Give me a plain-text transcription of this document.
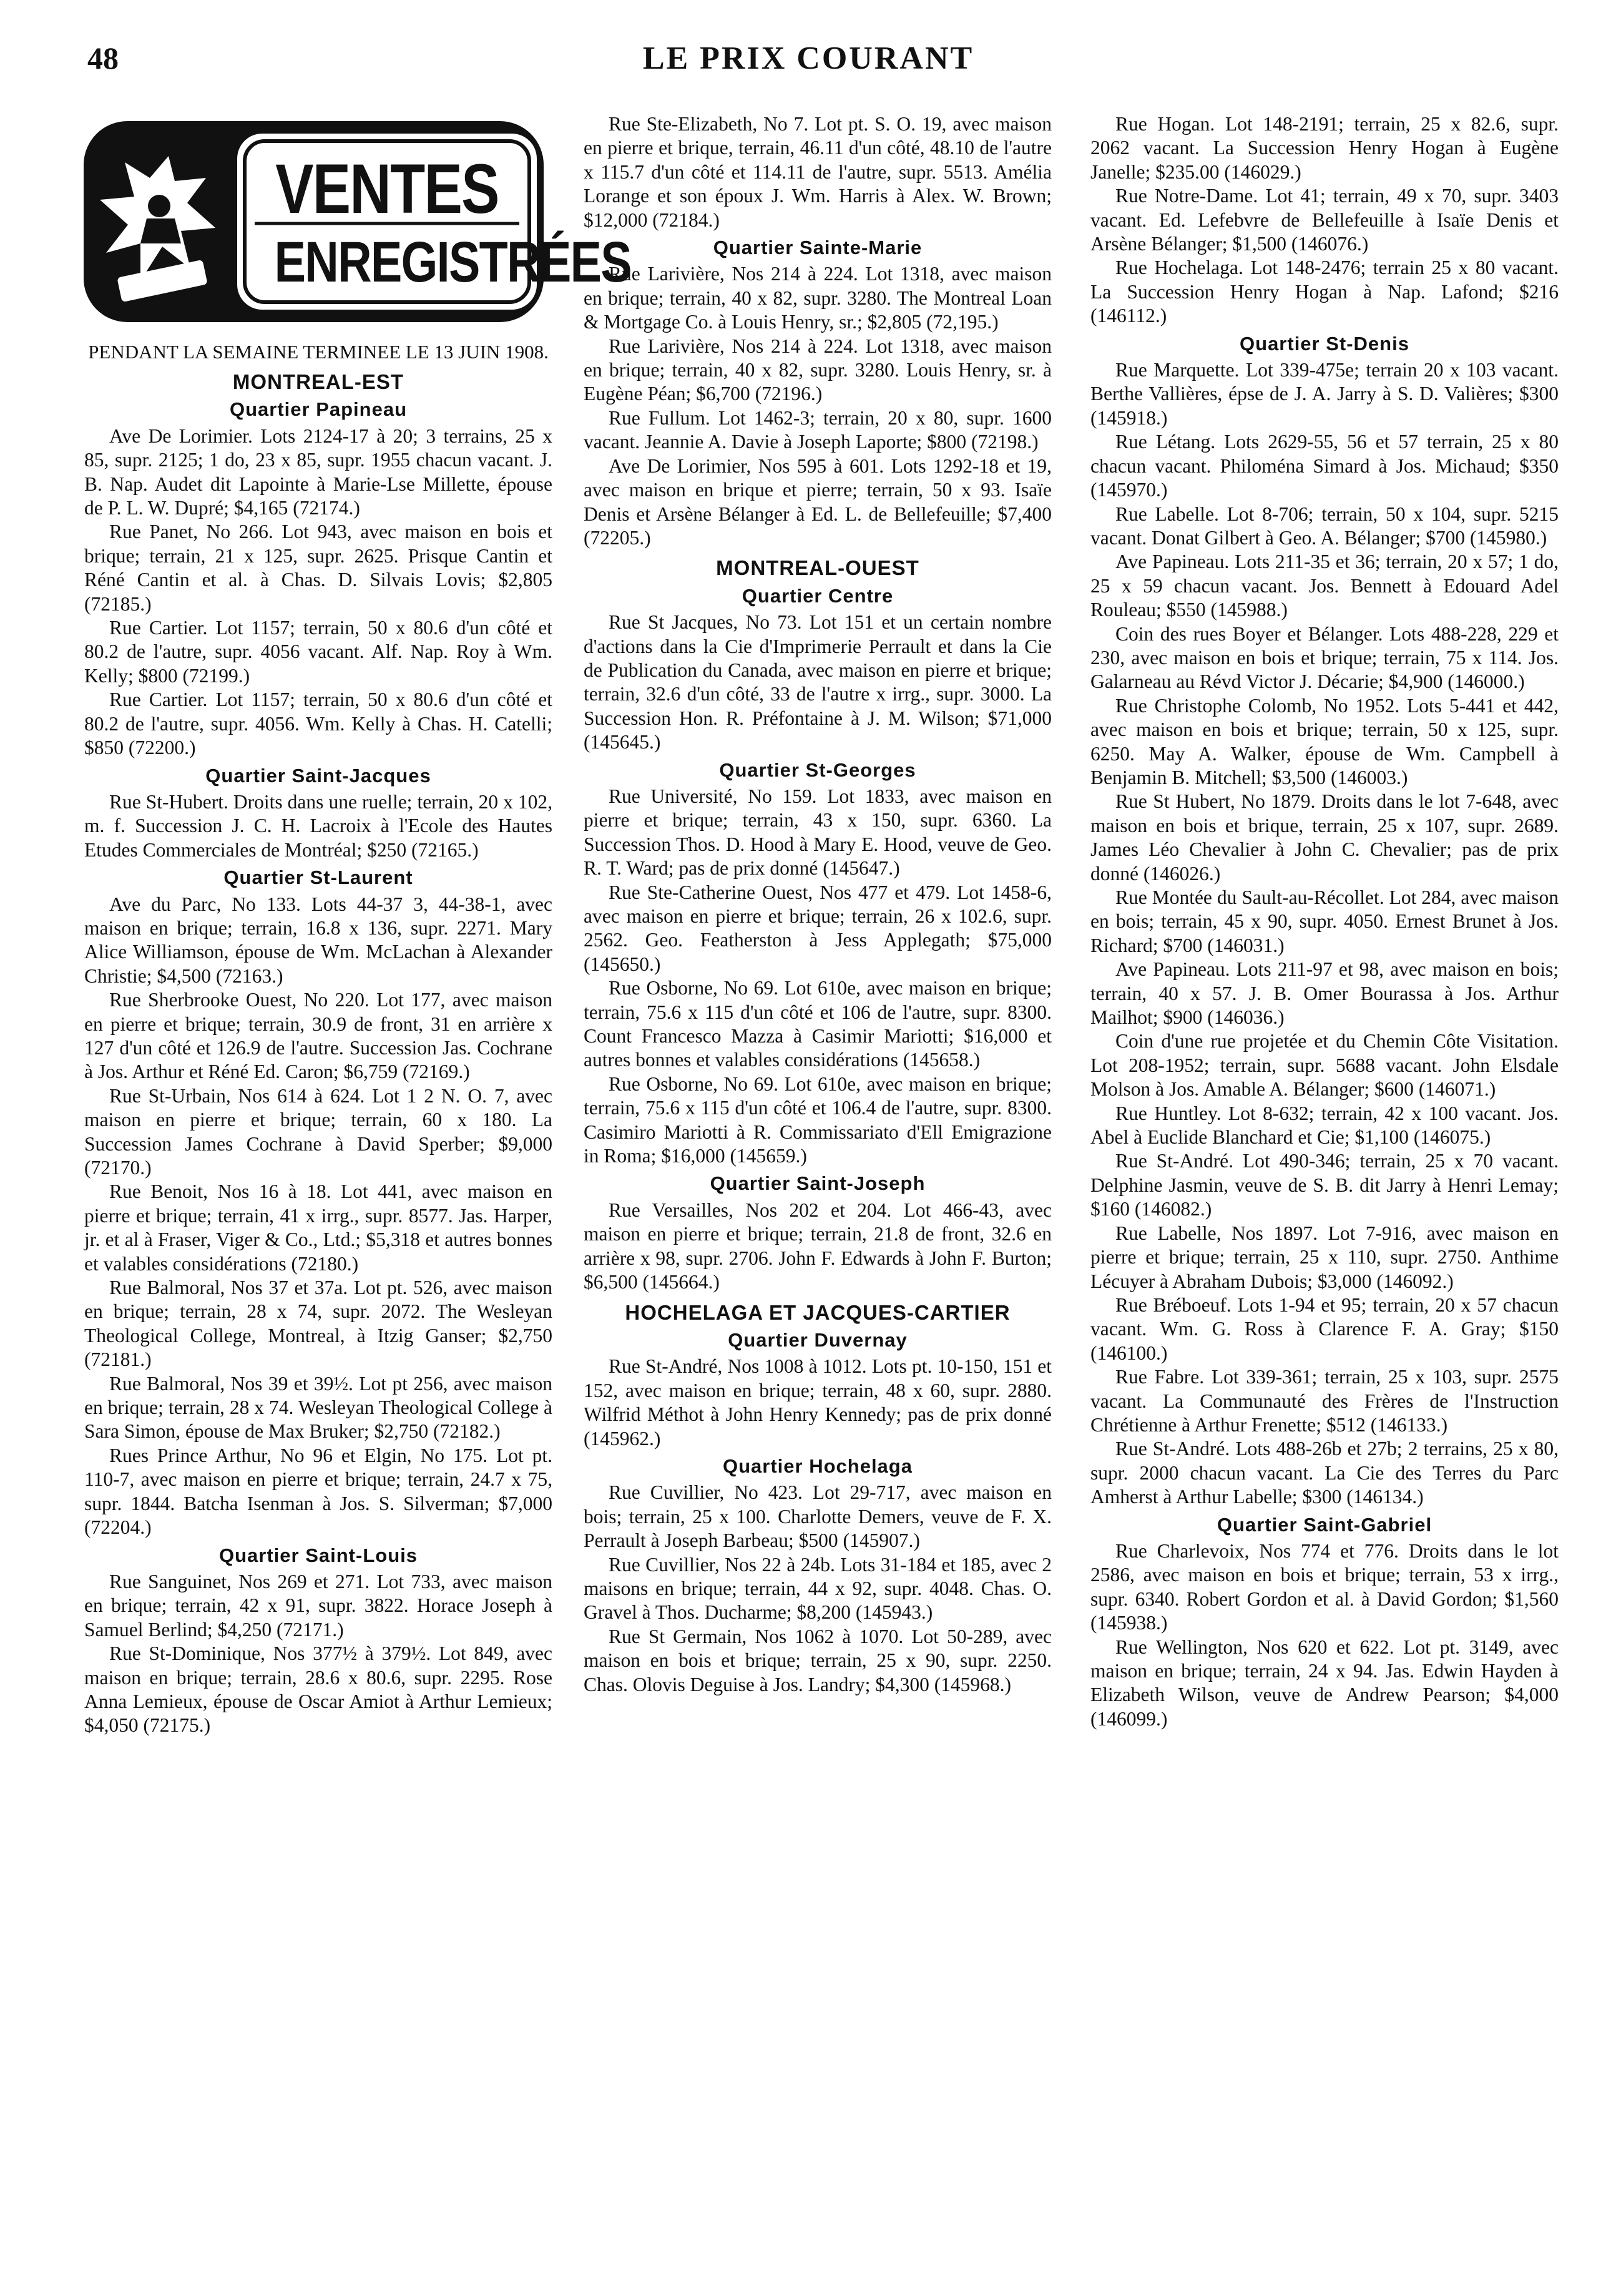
48	LE PRIX COURANT
VENTES
ENREGISTRÉES

PENDANT LA SEMAINE TERMINEE LE 13 JUIN 1908.

MONTREAL-EST

Quartier Papineau

Ave De Lorimier. Lots 2124-17 à 20; 3 terrains, 25 x 85, supr. 2125; 1 do, 23 x 85, supr. 1955 chacun vacant. J. B. Nap. Audet dit Lapointe à Marie-Lse Millette, épouse de P. L. W. Dupré; $4,165 (72174.)

Rue Panet, No 266. Lot 943, avec maison en bois et brique; terrain, 21 x 125, supr. 2625. Prisque Cantin et Réné Cantin et al. à Chas. D. Silvais Lovis; $2,805 (72185.)

Rue Cartier. Lot 1157; terrain, 50 x 80.6 d'un côté et 80.2 de l'autre, supr. 4056 vacant. Alf. Nap. Roy à Wm. Kelly; $800 (72199.)

Rue Cartier. Lot 1157; terrain, 50 x 80.6 d'un côté et 80.2 de l'autre, supr. 4056. Wm. Kelly à Chas. H. Catelli; $850 (72200.)

Quartier Saint-Jacques

Rue St-Hubert. Droits dans une ruelle; terrain, 20 x 102, m. f. Succession J. C. H. Lacroix à l'Ecole des Hautes Etudes Commerciales de Montréal; $250 (72165.)

Quartier St-Laurent

Ave du Parc, No 133. Lots 44-37 3, 44-38-1, avec maison en brique; terrain, 16.8 x 136, supr. 2271. Mary Alice Williamson, épouse de Wm. McLachan à Alexander Christie; $4,500 (72163.)

Rue Sherbrooke Ouest, No 220. Lot 177, avec maison en pierre et brique; terrain, 30.9 de front, 31 en arrière x 127 d'un côté et 126.9 de l'autre. Succession Jas. Cochrane à Jos. Arthur et Réné Ed. Caron; $6,759 (72169.)

Rue St-Urbain, Nos 614 à 624. Lot 1 2 N. O. 7, avec maison en pierre et brique; terrain, 60 x 180. La Succession James Cochrane à David Sperber; $9,000 (72170.)

Rue Benoit, Nos 16 à 18. Lot 441, avec maison en pierre et brique; terrain, 41 x irrg., supr. 8577. Jas. Harper, jr. et al à Fraser, Viger & Co., Ltd.; $5,318 et autres bonnes et valables considérations (72180.)

Rue Balmoral, Nos 37 et 37a. Lot pt. 526, avec maison en brique; terrain, 28 x 74, supr. 2072. The Wesleyan Theological College, Montreal, à Itzig Ganser; $2,750 (72181.)

Rue Balmoral, Nos 39 et 39½. Lot pt 256, avec maison en brique; terrain, 28 x 74. Wesleyan Theological College à Sara Simon, épouse de Max Bruker; $2,750 (72182.)

Rues Prince Arthur, No 96 et Elgin, No 175. Lot pt. 110-7, avec maison en pierre et brique; terrain, 24.7 x 75, supr. 1844. Batcha Isenman à Jos. S. Silverman; $7,000 (72204.)

Quartier Saint-Louis

Rue Sanguinet, Nos 269 et 271. Lot 733, avec maison en brique; terrain, 42 x 91, supr. 3822. Horace Joseph à Samuel Berlind; $4,250 (72171.)

Rue St-Dominique, Nos 377½ à 379½. Lot 849, avec maison en brique; terrain, 28.6 x 80.6, supr. 2295. Rose Anna Lemieux, épouse de Oscar Amiot à Arthur Lemieux; $4,050 (72175.)

Rue Ste-Elizabeth, No 7. Lot pt. S. O. 19, avec maison en pierre et brique, terrain, 46.11 d'un côté, 48.10 de l'autre x 115.7 d'un côté et 114.11 de l'autre, supr. 5513. Amélia Lorange et son époux J. Wm. Harris à Alex. W. Brown; $12,000 (72184.)

Quartier Sainte-Marie

Rue Larivière, Nos 214 à 224. Lot 1318, avec maison en brique; terrain, 40 x 82, supr. 3280. The Montreal Loan & Mortgage Co. à Louis Henry, sr.; $2,805 (72,195.)

Rue Larivière, Nos 214 à 224. Lot 1318, avec maison en brique; terrain, 40 x 82, supr. 3280. Louis Henry, sr. à Eugène Péan; $6,700 (72196.)

Rue Fullum. Lot 1462-3; terrain, 20 x 80, supr. 1600 vacant. Jeannie A. Davie à Joseph Laporte; $800 (72198.)

Ave De Lorimier, Nos 595 à 601. Lots 1292-18 et 19, avec maison en brique et pierre; terrain, 50 x 93. Isaïe Denis et Arsène Bélanger à Ed. L. de Bellefeuille; $7,400 (72205.)

MONTREAL-OUEST

Quartier Centre

Rue St Jacques, No 73. Lot 151 et un certain nombre d'actions dans la Cie d'Imprimerie Perrault et dans la Cie de Publication du Canada, avec maison en pierre et brique; terrain, 32.6 d'un côté, 33 de l'autre x irrg., supr. 3000. La Succession Hon. R. Préfontaine à J. M. Wilson; $71,000 (145645.)

Quartier St-Georges

Rue Université, No 159. Lot 1833, avec maison en pierre et brique; terrain, 43 x 150, supr. 6360. La Succession Thos. D. Hood à Mary E. Hood, veuve de Geo. R. T. Ward; pas de prix donné (145647.)

Rue Ste-Catherine Ouest, Nos 477 et 479. Lot 1458-6, avec maison en pierre et brique; terrain, 26 x 102.6, supr. 2562. Geo. Featherston à Jess Applegath; $75,000 (145650.)

Rue Osborne, No 69. Lot 610e, avec maison en brique; terrain, 75.6 x 115 d'un côté et 106 de l'autre, supr. 8300. Count Francesco Mazza à Casimir Mariotti; $16,000 et autres bonnes et valables considérations (145658.)

Rue Osborne, No 69. Lot 610e, avec maison en brique; terrain, 75.6 x 115 d'un côté et 106.4 de l'autre, supr. 8300. Casimiro Mariotti à R. Commissariato d'Ell Emigrazione in Roma; $16,000 (145659.)

Quartier Saint-Joseph

Rue Versailles, Nos 202 et 204. Lot 466-43, avec maison en pierre et brique; terrain, 21.8 de front, 32.6 en arrière x 98, supr. 2706. John F. Edwards à John F. Burton; $6,500 (145664.)

HOCHELAGA ET JACQUES-CARTIER

Quartier Duvernay

Rue St-André, Nos 1008 à 1012. Lots pt. 10-150, 151 et 152, avec maison en brique; terrain, 48 x 60, supr. 2880. Wilfrid Méthot à John Henry Kennedy; pas de prix donné (145962.)

Quartier Hochelaga

Rue Cuvillier, No 423. Lot 29-717, avec maison en bois; terrain, 25 x 100. Charlotte Demers, veuve de F. X. Perrault à Joseph Barbeau; $500 (145907.)

Rue Cuvillier, Nos 22 à 24b. Lots 31-184 et 185, avec 2 maisons en brique; terrain, 44 x 92, supr. 4048. Chas. O. Gravel à Thos. Ducharme; $8,200 (145943.)

Rue St Germain, Nos 1062 à 1070. Lot 50-289, avec maison en bois et brique; terrain, 25 x 90, supr. 2250. Chas. Olovis Deguise à Jos. Landry; $4,300 (145968.)

Rue Hogan. Lot 148-2191; terrain, 25 x 82.6, supr. 2062 vacant. La Succession Henry Hogan à Eugène Janelle; $235.00 (146029.)

Rue Notre-Dame. Lot 41; terrain, 49 x 70, supr. 3403 vacant. Ed. Lefebvre de Bellefeuille à Isaïe Denis et Arsène Bélanger; $1,500 (146076.)

Rue Hochelaga. Lot 148-2476; terrain 25 x 80 vacant. La Succession Henry Hogan à Nap. Lafond; $216 (146112.)

Quartier St-Denis

Rue Marquette. Lot 339-475e; terrain 20 x 103 vacant. Berthe Vallières, épse de J. A. Jarry à S. D. Valières; $300 (145918.)

Rue Létang. Lots 2629-55, 56 et 57 terrain, 25 x 80 chacun vacant. Philoména Simard à Jos. Michaud; $350 (145970.)

Rue Labelle. Lot 8-706; terrain, 50 x 104, supr. 5215 vacant. Donat Gilbert à Geo. A. Bélanger; $700 (145980.)

Ave Papineau. Lots 211-35 et 36; terrain, 20 x 57; 1 do, 25 x 59 chacun vacant. Jos. Bennett à Edouard Adel Rouleau; $550 (145988.)

Coin des rues Boyer et Bélanger. Lots 488-228, 229 et 230, avec maison en bois et brique; terrain, 75 x 114. Jos. Galarneau au Révd Victor J. Décarie; $4,900 (146000.)

Rue Christophe Colomb, No 1952. Lots 5-441 et 442, avec maison en bois et brique; terrain, 50 x 125, supr. 6250. May A. Walker, épouse de Wm. Campbell à Benjamin B. Mitchell; $3,500 (146003.)

Rue St Hubert, No 1879. Droits dans le lot 7-648, avec maison en bois et brique, terrain, 25 x 107, supr. 2689. James Léo Chevalier à John C. Chevalier; pas de prix donné (146026.)

Rue Montée du Sault-au-Récollet. Lot 284, avec maison en bois; terrain, 45 x 90, supr. 4050. Ernest Brunet à Jos. Richard; $700 (146031.)

Ave Papineau. Lots 211-97 et 98, avec maison en bois; terrain, 40 x 57. J. B. Omer Bourassa à Jos. Arthur Mailhot; $900 (146036.)

Coin d'une rue projetée et du Chemin Côte Visitation. Lot 208-1952; terrain, supr. 5688 vacant. John Elsdale Molson à Jos. Amable A. Bélanger; $600 (146071.)

Rue Huntley. Lot 8-632; terrain, 42 x 100 vacant. Jos. Abel à Euclide Blanchard et Cie; $1,100 (146075.)

Rue St-André. Lot 490-346; terrain, 25 x 70 vacant. Delphine Jasmin, veuve de S. B. dit Jarry à Henri Lemay; $160 (146082.)

Rue Labelle, Nos 1897. Lot 7-916, avec maison en pierre et brique; terrain, 25 x 110, supr. 2750. Anthime Lécuyer à Abraham Dubois; $3,000 (146092.)

Rue Bréboeuf. Lots 1-94 et 95; terrain, 20 x 57 chacun vacant. Wm. G. Ross à Clarence F. A. Gray; $150 (146100.)

Rue Fabre. Lot 339-361; terrain, 25 x 103, supr. 2575 vacant. La Communauté des Frères de l'Instruction Chrétienne à Arthur Frenette; $512 (146133.)

Rue St-André. Lots 488-26b et 27b; 2 terrains, 25 x 80, supr. 2000 chacun vacant. La Cie des Terres du Parc Amherst à Arthur Labelle; $300 (146134.)

Quartier Saint-Gabriel

Rue Charlevoix, Nos 774 et 776. Droits dans le lot 2586, avec maison en bois et brique; terrain, 53 x irrg., supr. 6340. Robert Gordon et al. à David Gordon; $1,560 (145938.)

Rue Wellington, Nos 620 et 622. Lot pt. 3149, avec maison en brique; terrain, 24 x 94. Jas. Edwin Hayden à Elizabeth Wilson, veuve de Andrew Pearson; $4,000 (146099.)
